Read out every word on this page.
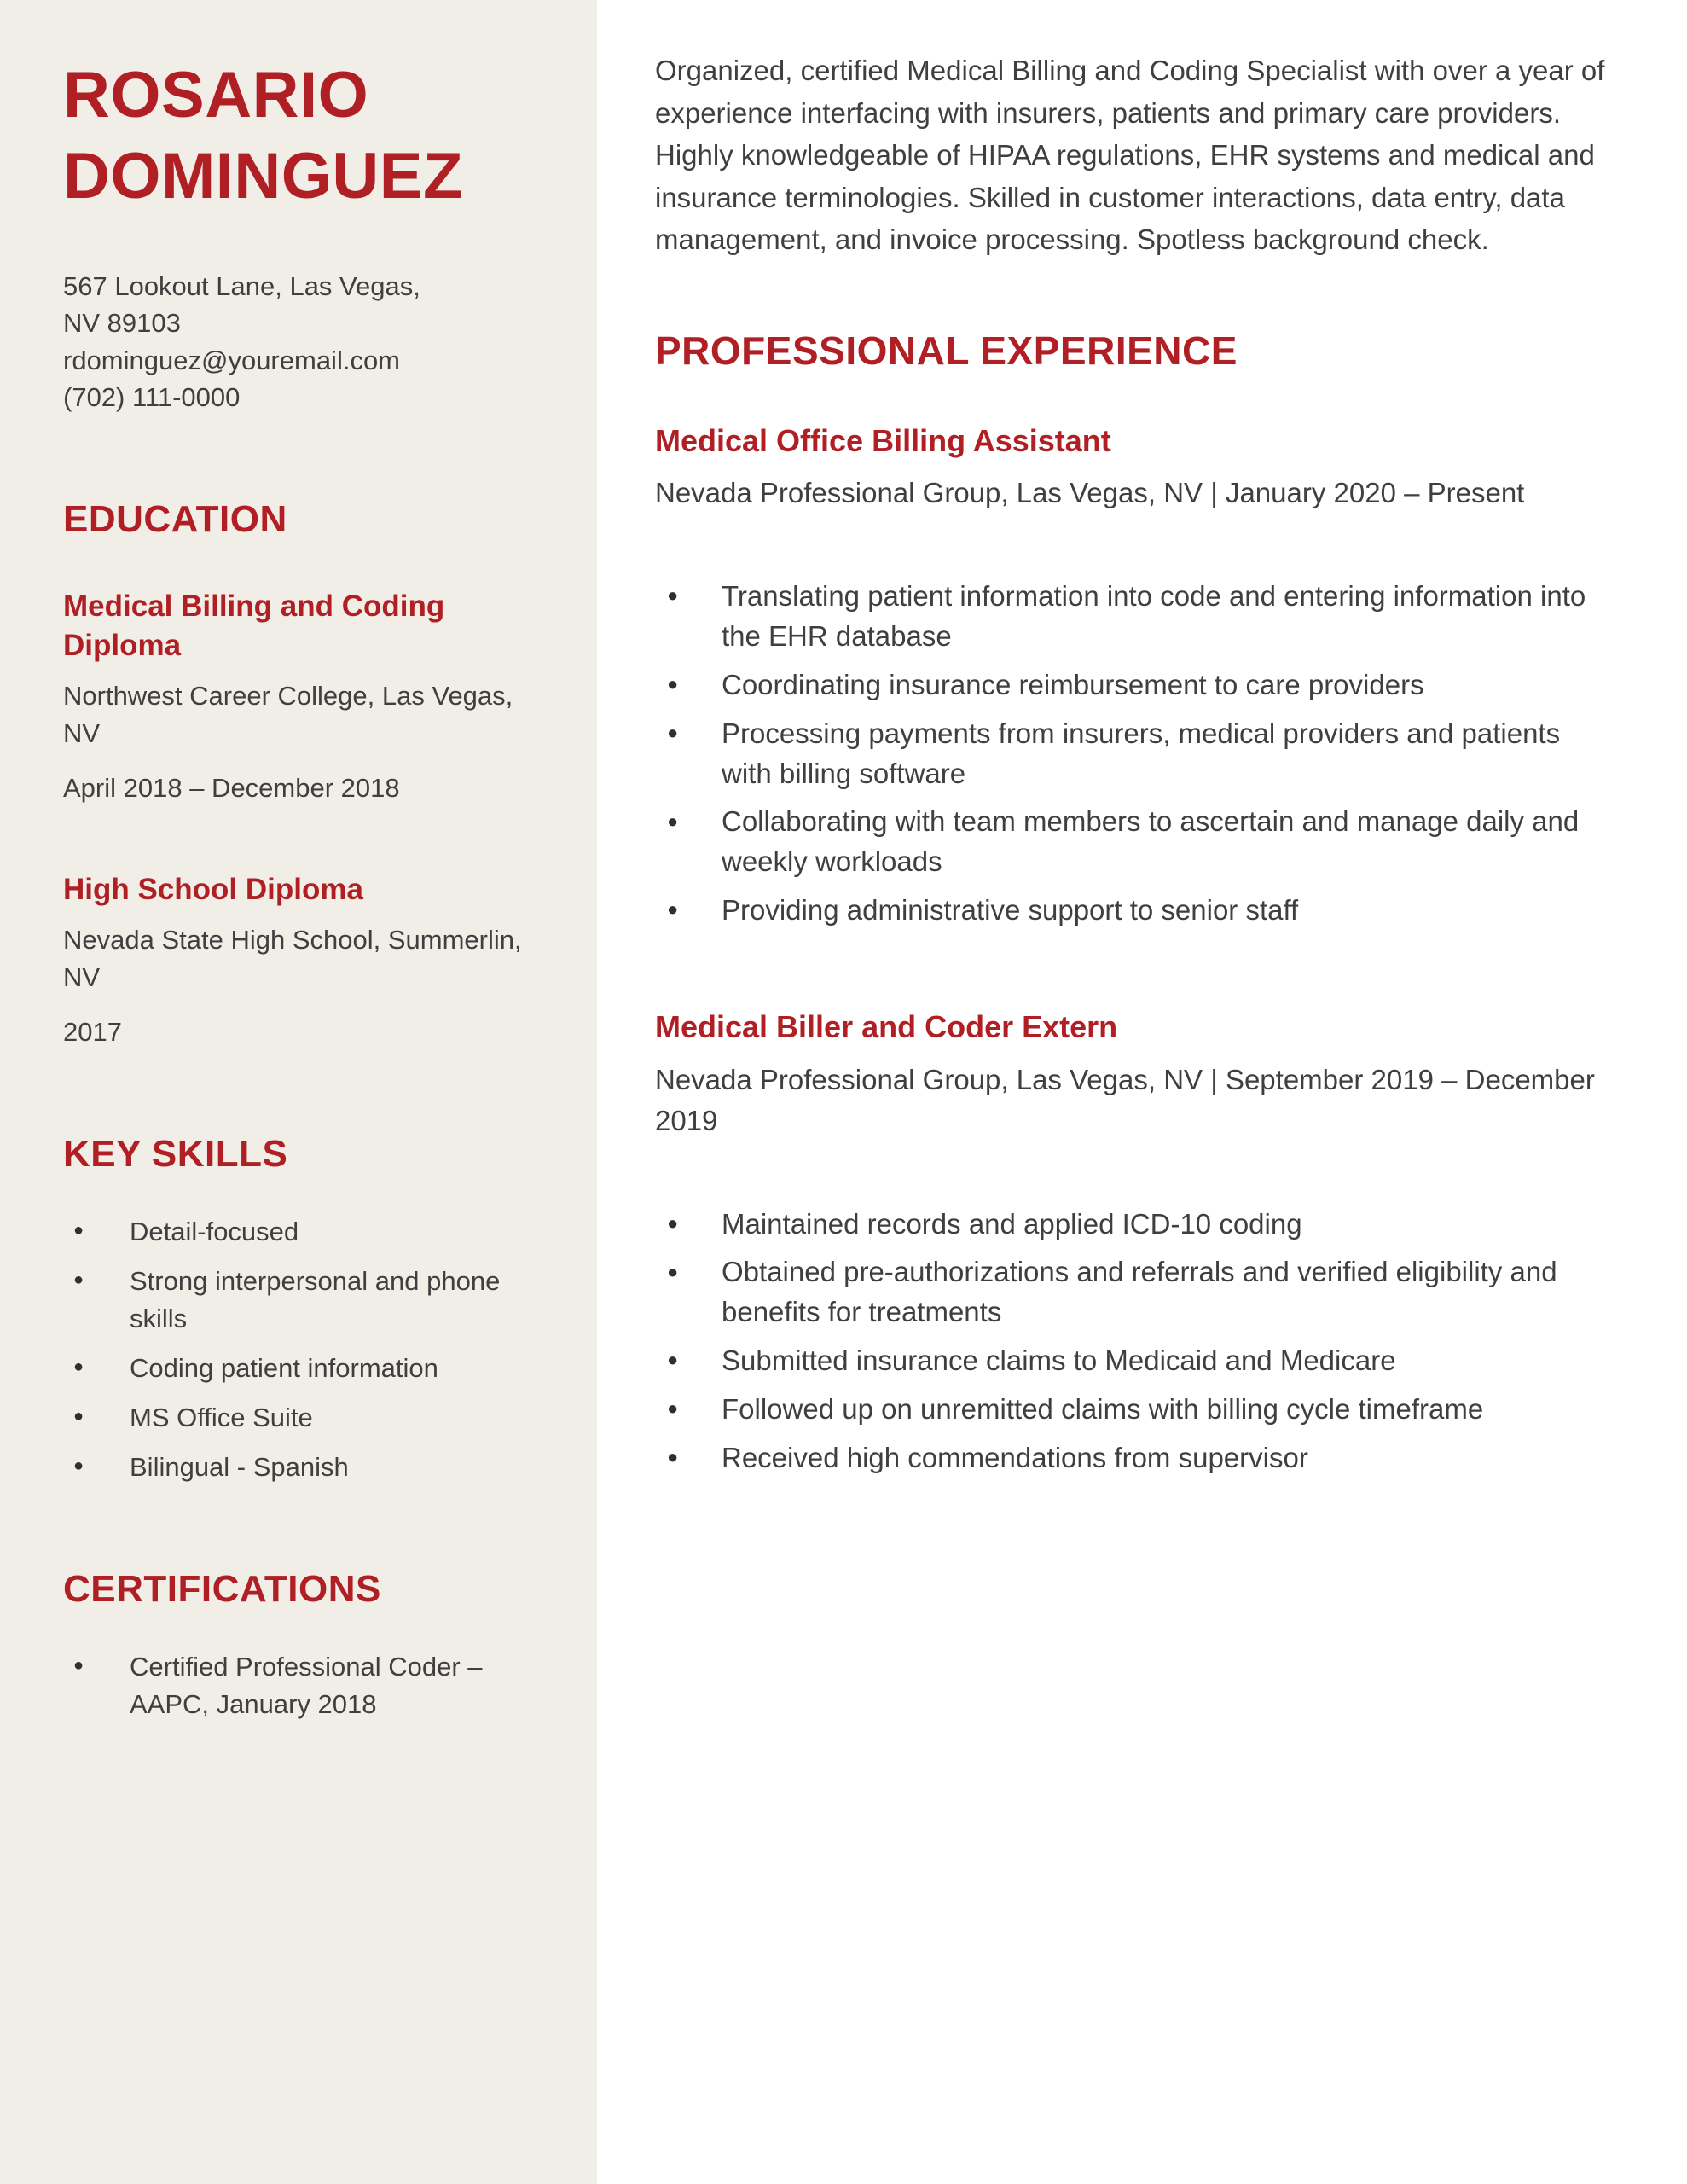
ROSARIO
DOMINGUEZ
567 Lookout Lane, Las Vegas,
NV 89103
rdominguez@youremail.com
(702) 111-0000
EDUCATION
Medical Billing and Coding Diploma
Northwest Career College, Las Vegas, NV
April 2018 – December 2018
High School Diploma
Nevada State High School, Summerlin, NV
2017
KEY SKILLS
● Detail-focused
● Strong interpersonal and phone skills
● Coding patient information
● MS Office Suite
● Bilingual - Spanish
CERTIFICATIONS
● Certified Professional Coder – AAPC, January 2018

Organized, certified Medical Billing and Coding Specialist with over a year of experience interfacing with insurers, patients and primary care providers. Highly knowledgeable of HIPAA regulations, EHR systems and medical and insurance terminologies. Skilled in customer interactions, data entry, data management, and invoice processing. Spotless background check.

PROFESSIONAL EXPERIENCE
Medical Office Billing Assistant
Nevada Professional Group, Las Vegas, NV | January 2020 – Present
● Translating patient information into code and entering information into the EHR database
● Coordinating insurance reimbursement to care providers
● Processing payments from insurers, medical providers and patients with billing software
● Collaborating with team members to ascertain and manage daily and weekly workloads
● Providing administrative support to senior staff
Medical Biller and Coder Extern
Nevada Professional Group, Las Vegas, NV | September 2019 – December 2019
● Maintained records and applied ICD-10 coding
● Obtained pre-authorizations and referrals and verified eligibility and benefits for treatments
● Submitted insurance claims to Medicaid and Medicare
● Followed up on unremitted claims with billing cycle timeframe
● Received high commendations from supervisor
